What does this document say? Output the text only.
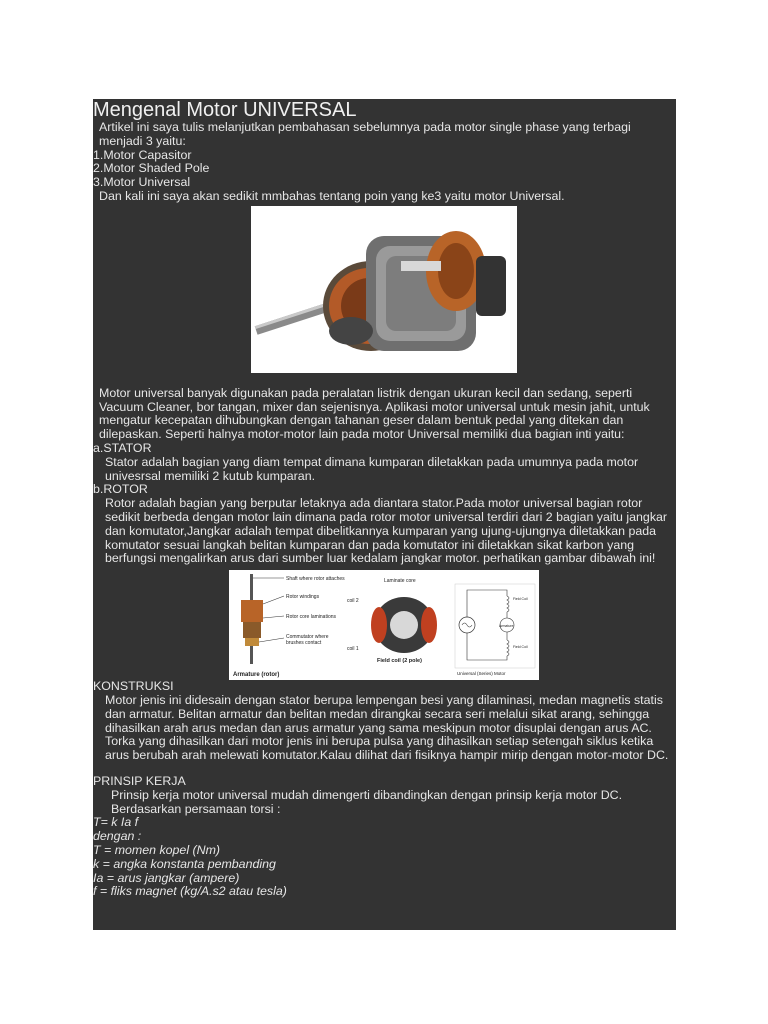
Mengenal Motor UNIVERSAL
Artikel ini saya tulis melanjutkan pembahasan sebelumnya pada motor single phase yang terbagi menjadi 3 yaitu:
1.Motor Capasitor
2.Motor Shaded Pole
3.Motor Universal
Dan kali ini saya akan sedikit mmbahas tentang poin yang ke3 yaitu motor Universal.
Motor universal banyak digunakan pada peralatan listrik dengan ukuran kecil dan sedang, seperti Vacuum Cleaner, bor tangan, mixer dan sejenisnya. Aplikasi motor universal untuk mesin jahit, untuk mengatur kecepatan dihubungkan dengan tahanan geser dalam bentuk pedal yang ditekan dan dilepaskan. Seperti halnya motor-motor lain pada motor Universal memiliki dua bagian inti yaitu:
a.STATOR
Stator adalah bagian yang diam tempat dimana kumparan diletakkan pada umumnya pada motor univesrsal memiliki 2 kutub kumparan.
b.ROTOR
Rotor adalah bagian yang berputar letaknya ada diantara stator.Pada motor universal bagian rotor sedikit berbeda dengan motor lain dimana pada rotor motor universal terdiri dari 2 bagian yaitu jangkar dan komutator,Jangkar adalah tempat dibelitkannya kumparan yang ujung-ujungnya diletakkan pada komutator sesuai langkah belitan kumparan dan pada komutator ini diletakkan sikat karbon yang berfungsi mengalirkan arus dari sumber luar kedalam jangkar motor. perhatikan gambar dibawah ini!
Shaft where rotor attaches
Rotor windings
Rotor core laminations
Commutator where
brushes contact
Armature (rotor)
Laminate core
coil 2
coil 1
Field coil (2 pole)
Field Coil
Armature
Field Coil
Universal (Series) Motor
KONSTRUKSI
Motor jenis ini didesain dengan stator berupa lempengan besi yang dilaminasi, medan magnetis statis dan armatur. Belitan armatur dan belitan medan dirangkai secara seri melalui sikat arang, sehingga dihasilkan arah arus medan dan arus armatur yang sama meskipun motor disuplai dengan arus AC. Torka yang dihasilkan dari motor jenis ini berupa pulsa yang dihasilkan setiap setengah siklus ketika arus berubah arah melewati komutator.Kalau dilihat dari fisiknya hampir mirip dengan motor-motor DC.
PRINSIP KERJA
Prinsip kerja motor universal mudah dimengerti dibandingkan dengan prinsip kerja motor DC. Berdasarkan persamaan torsi :
T= k Ia f
dengan :
T = momen kopel (Nm)
k = angka konstanta pembanding
Ia = arus jangkar (ampere)
f = fliks magnet (kg/A.s2 atau tesla)
